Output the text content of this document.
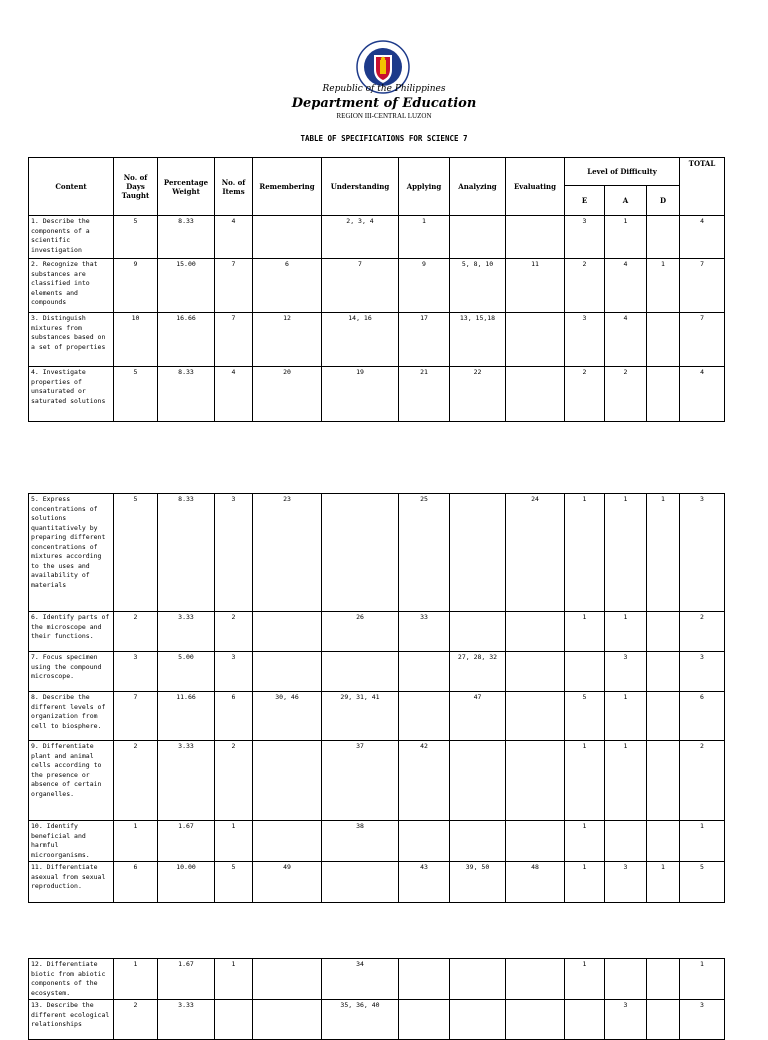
Republic of the Philippines
Department of Education
REGION III-CENTRAL LUZON
TABLE OF SPECIFICATIONS FOR SCIENCE 7
Content	No. of Days Taught	Percentage Weight	No. of Items	Remembering	Understanding	Applying	Analyzing	Evaluating	Level of Difficulty			TOTAL
									E	A	D	
1. Describe the components of a scientific investigation	5	8.33	4		2, 3, 4	1			3	1		4
2. Recognize that substances are classified into elements and compounds	9	15.00	7	6	7	9	5, 8, 10	11	2	4	1	7
3. Distinguish mixtures from substances based on a set of properties	10	16.66	7	12	14, 16	17	13, 15,18		3	4		7
4. Investigate properties of unsaturated or saturated solutions	5	8.33	4	20	19	21	22		2	2		4
5. Express concentrations of solutions quantitatively by preparing different concentrations of mixtures according to the uses and availability of materials	5	8.33	3	23		25		24	1	1	1	3
6. Identify parts of the microscope and their functions.	2	3.33	2		26	33			1	1		2
7. Focus specimen using the compound microscope.	3	5.00	3				27, 28, 32			3		3
8. Describe the different levels of organization from cell to biosphere.	7	11.66	6	30, 46	29, 31, 41		47		5	1		6
9. Differentiate plant and animal cells according to the presence or absence of certain organelles.	2	3.33	2		37	42			1	1		2
10. Identify beneficial and harmful microorganisms.	1	1.67	1		38				1			1
11. Differentiate asexual from sexual reproduction.	6	10.00	5	49		43	39, 50	48	1	3	1	5
12. Differentiate biotic from abiotic components of the ecosystem.	1	1.67	1		34				1			1
13. Describe the different ecological relationships	2	3.33			35, 36, 40					3		3
